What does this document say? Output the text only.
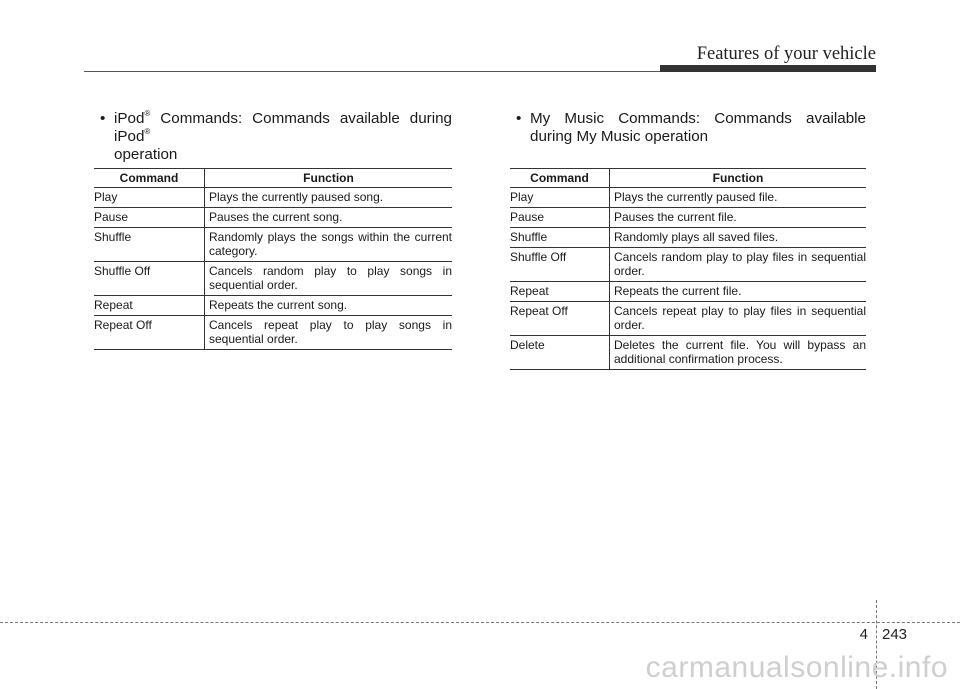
Features of your vehicle
• iPod® Commands: Commands available during iPod®
operation
Command	Function
Play	Plays the currently paused song.
Pause	Pauses the current song.
Shuffle	Randomly plays the songs within the current category.
Shuffle Off	Cancels random play to play songs in sequential order.
Repeat	Repeats the current song.
Repeat Off	Cancels repeat play to play songs in sequential order.
• My Music Commands: Commands available during My Music operation
Command	Function
Play	Plays the currently paused file.
Pause	Pauses the current file.
Shuffle	Randomly plays all saved files.
Shuffle Off	Cancels random play to play files in sequential order.
Repeat	Repeats the current file.
Repeat Off	Cancels repeat play to play files in sequential order.
Delete	Deletes the current file. You will bypass an additional confirmation process.
4 243
carmanualsonline.info
